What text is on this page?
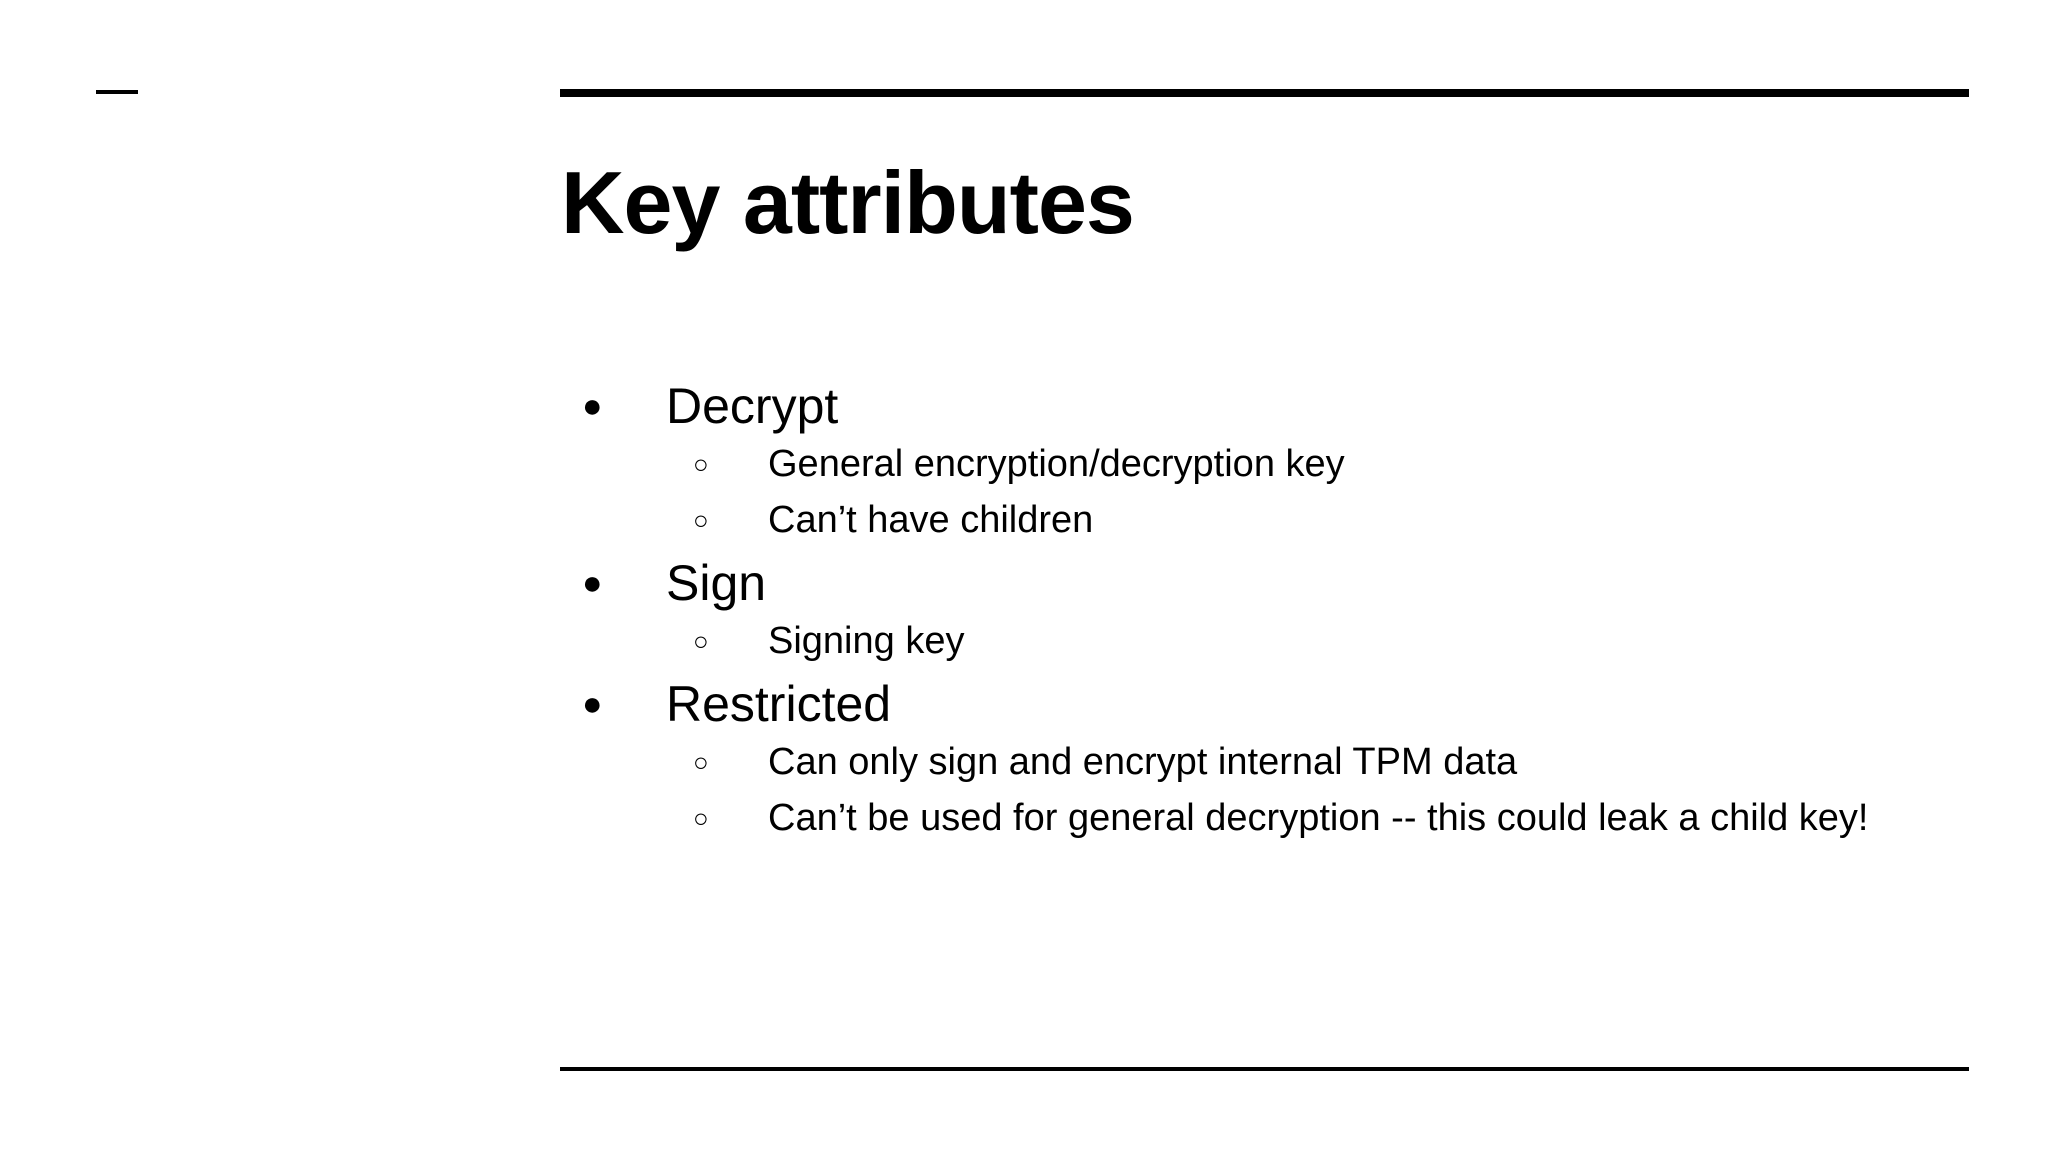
Key attributes
● Decrypt
○ General encryption/decryption key
○ Can’t have children
● Sign
○ Signing key
● Restricted
○ Can only sign and encrypt internal TPM data
○ Can’t be used for general decryption -- this could leak a child key!
